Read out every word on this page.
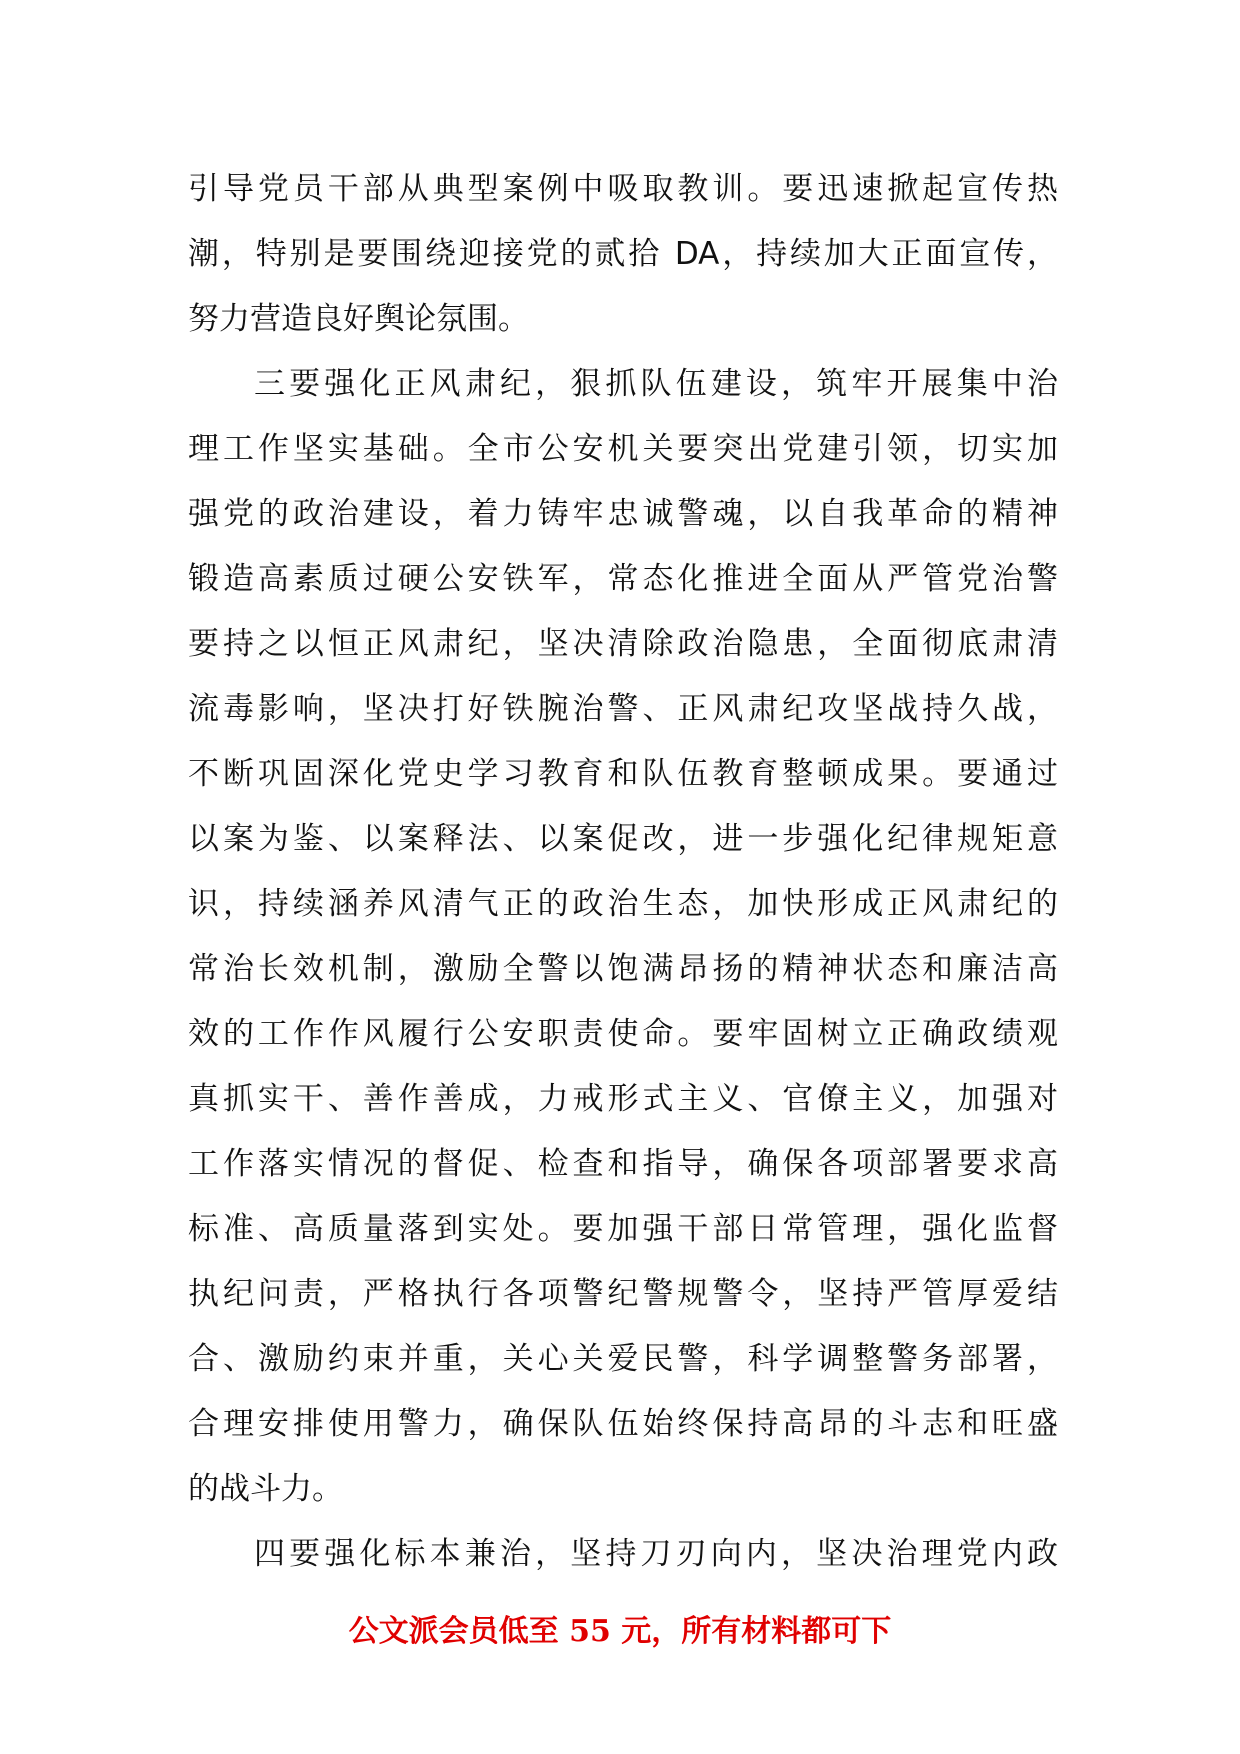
引导党员干部从典型案例中吸取教训。要迅速掀起宣传热
潮，特别是要围绕迎接党的贰拾 DA，持续加大正面宣传，
努力营造良好舆论氛围。
三要强化正风肃纪，狠抓队伍建设，筑牢开展集中治
理工作坚实基础。全市公安机关要突出党建引领，切实加
强党的政治建设，着力铸牢忠诚警魂，以自我革命的精神
锻造高素质过硬公安铁军，常态化推进全面从严管党治警
要持之以恒正风肃纪，坚决清除政治隐患，全面彻底肃清
流毒影响，坚决打好铁腕治警、正风肃纪攻坚战持久战，
不断巩固深化党史学习教育和队伍教育整顿成果。要通过
以案为鉴、以案释法、以案促改，进一步强化纪律规矩意
识，持续涵养风清气正的政治生态，加快形成正风肃纪的
常治长效机制，激励全警以饱满昂扬的精神状态和廉洁高
效的工作作风履行公安职责使命。要牢固树立正确政绩观
真抓实干、善作善成，力戒形式主义、官僚主义，加强对
工作落实情况的督促、检查和指导，确保各项部署要求高
标准、高质量落到实处。要加强干部日常管理，强化监督
执纪问责，严格执行各项警纪警规警令，坚持严管厚爱结
合、激励约束并重，关心关爱民警，科学调整警务部署，
合理安排使用警力，确保队伍始终保持高昂的斗志和旺盛
的战斗力。
四要强化标本兼治，坚持刀刃向内，坚决治理党内政
公文派会员低至 55 元，所有材料都可下
